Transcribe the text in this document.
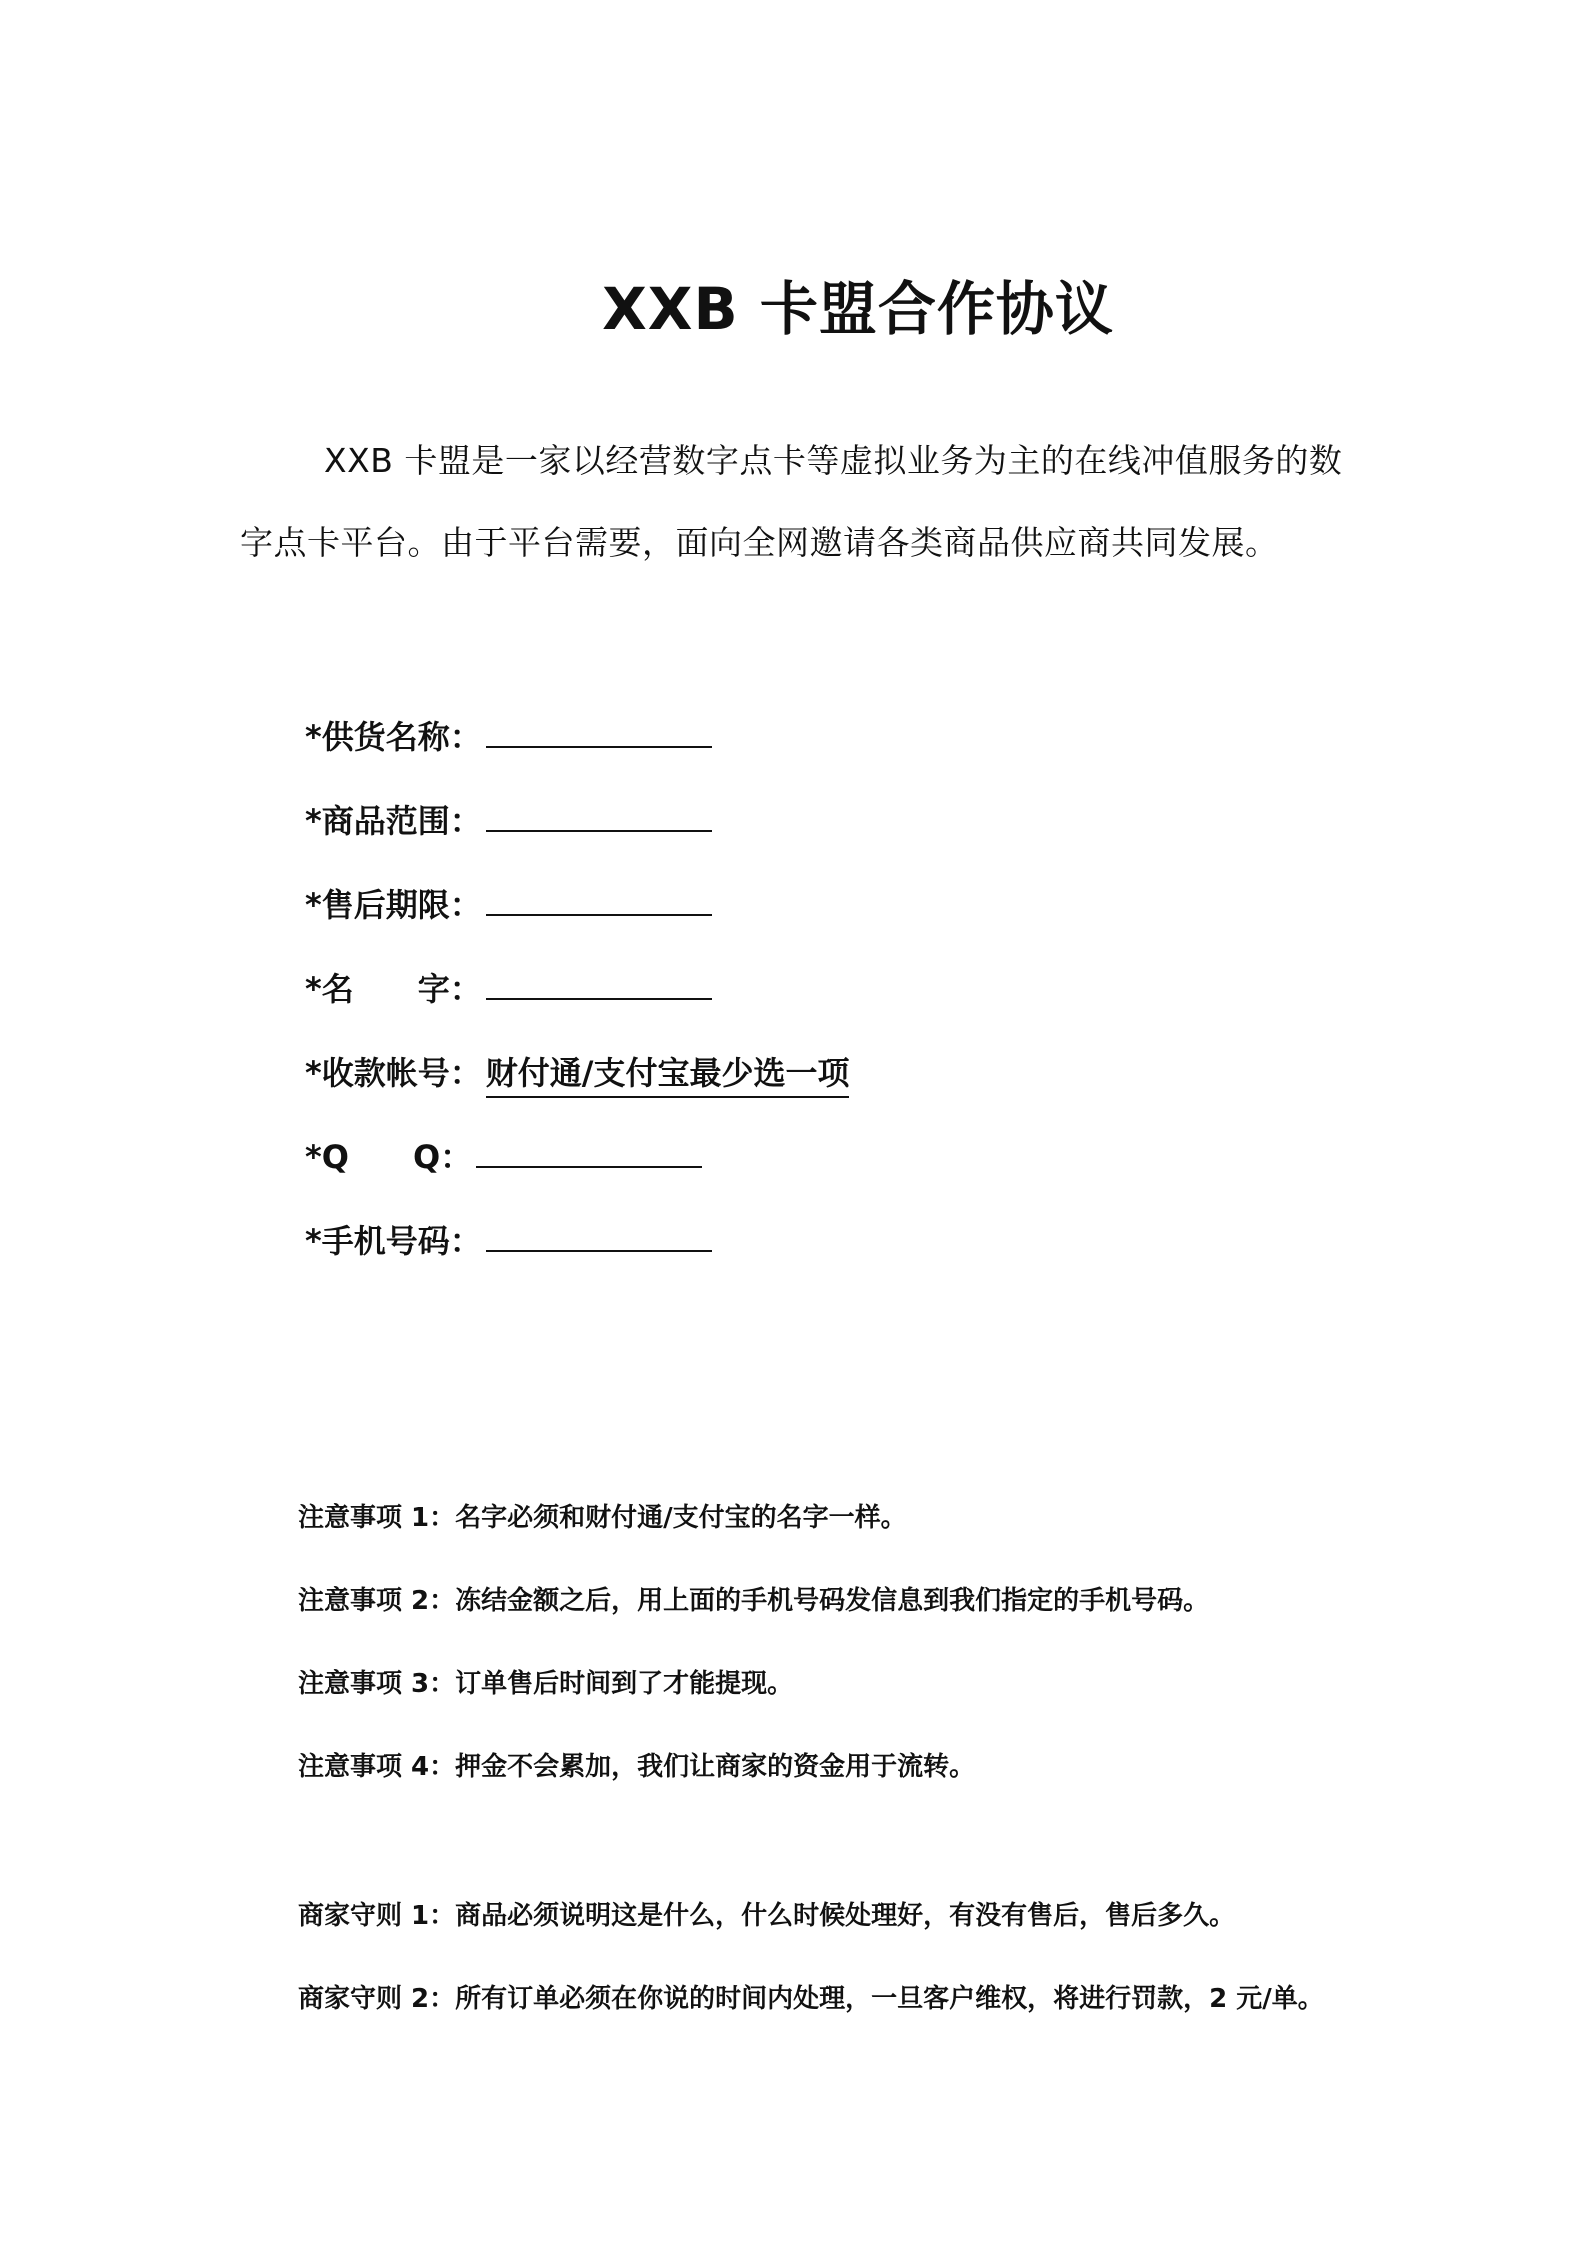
XXB 卡盟合作协议
XXB 卡盟是一家以经营数字点卡等虚拟业务为主的在线冲值服务的数字点卡平台。由于平台需要，面向全网邀请各类商品供应商共同发展。
*供货名称：
*商品范围：
*售后期限：
*名　　字：
*收款帐号： 财付通/支付宝最少选一项
*Q　　Q：
*手机号码：
注意事项 1：名字必须和财付通/支付宝的名字一样。
注意事项 2：冻结金额之后，用上面的手机号码发信息到我们指定的手机号码。
注意事项 3：订单售后时间到了才能提现。
注意事项 4：押金不会累加，我们让商家的资金用于流转。
商家守则 1：商品必须说明这是什么，什么时候处理好，有没有售后，售后多久。
商家守则 2：所有订单必须在你说的时间内处理，一旦客户维权，将进行罚款，2 元/单。
